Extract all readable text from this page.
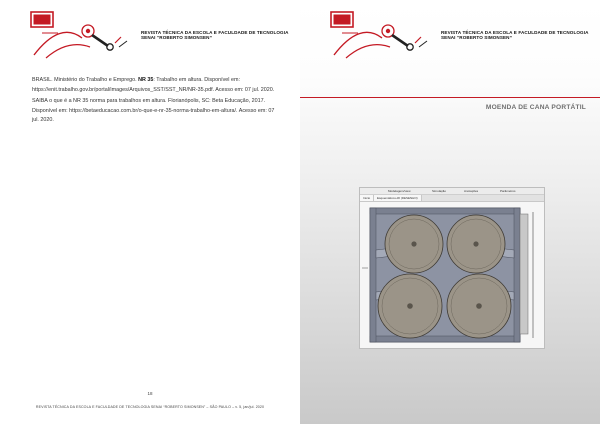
REVISTA TÉCNICA DA ESCOLA E FACULDADE DE TECNOLOGIA
SENAI “ROBERTO SIMONSEN”

BRASIL. Ministério do Trabalho e Emprego. NR 35: Trabalho em altura. Disponível em: https://enit.trabalho.gov.br/portal/images/Arquivos_SST/SST_NR/NR-35.pdf. Acesso em: 07 jul. 2020.

SAIBA o que é a NR 35 norma para trabalhos em altura. Florianópolis, SC: Beta Educação, 2017. Disponível em: https://betaeducacao.com.br/o-que-e-nr-35-norma-trabalho-em-altura/. Acesso em: 07 jul. 2020.

18
REVISTA TÉCNICA DA ESCOLA E FACULDADE DE TECNOLOGIA SENAI “ROBERTO SIMONSEN” – SÃO PAULO – v. 5, jan/jul. 2020
REVISTA TÉCNICA DA ESCOLA E FACULDADE DE TECNOLOGIA
SENAI “ROBERTO SIMONSEN”
MOENDA DE CANA PORTÁTIL
Modelagem/view	Simulação	Anotações	Parâmetros
Início	Esquemáticos.dft (DESENHO)
